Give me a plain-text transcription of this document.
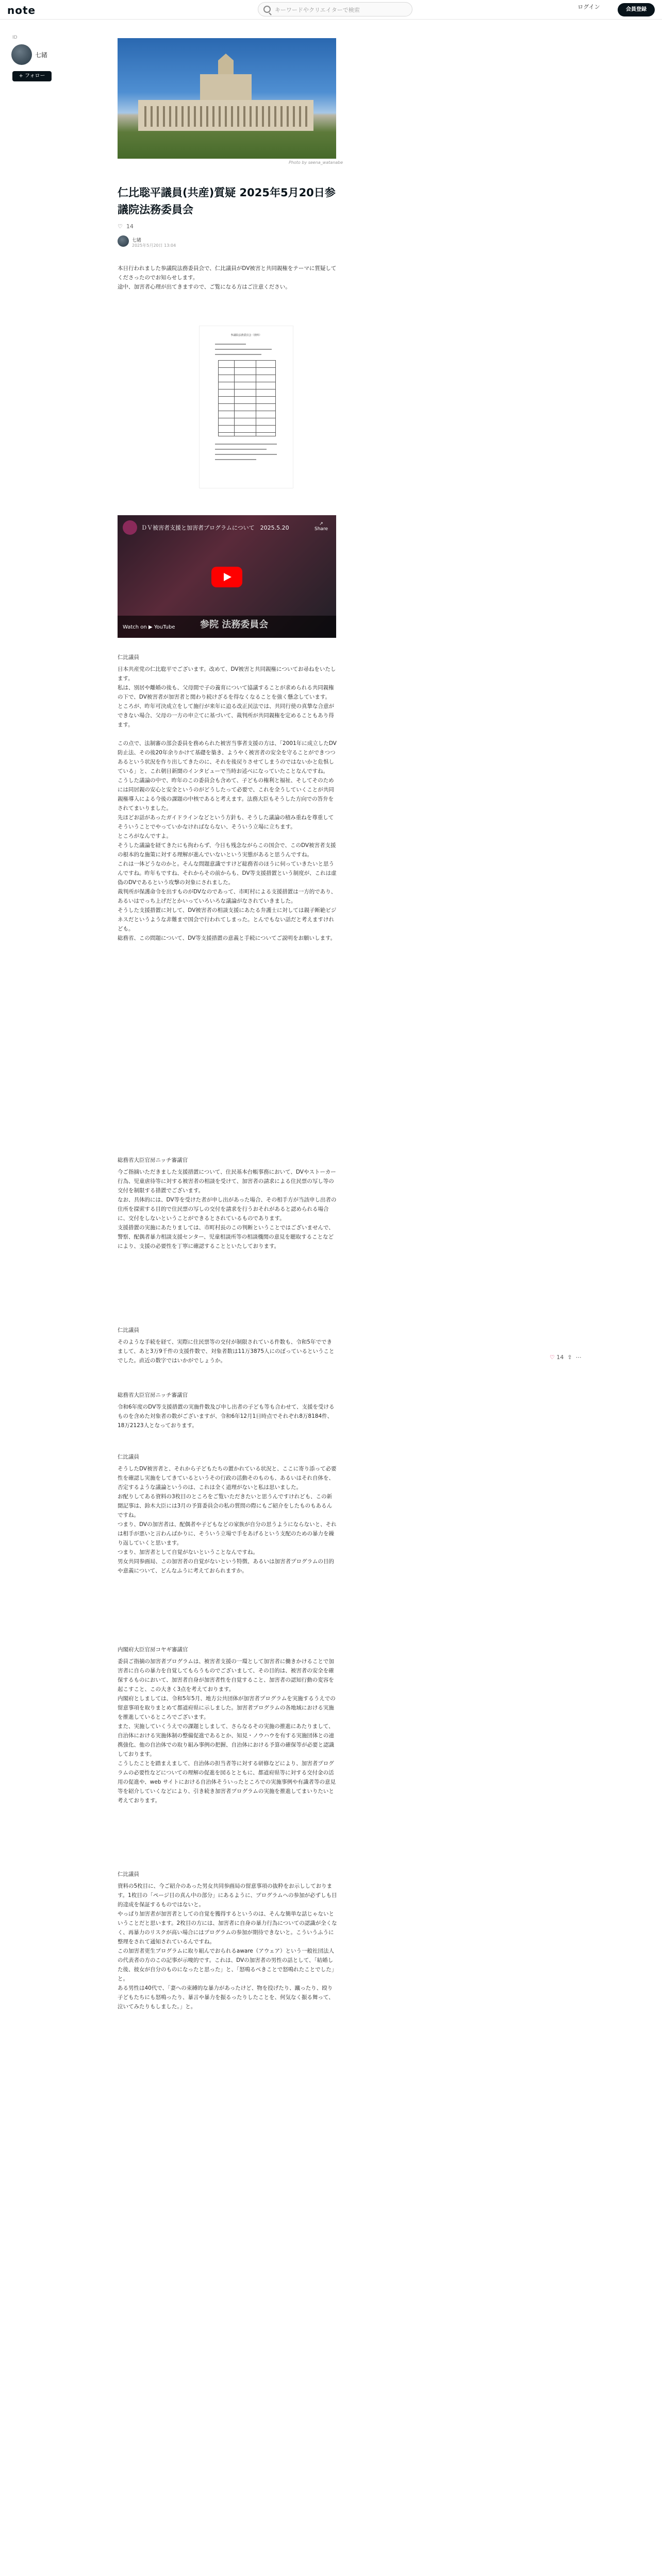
note	キーワードやクリエイターで検索	ログイン	会員登録
ID
七緒
+ フォロー
Photo by seena_watanabe
仁比聡平議員(共産)質疑 2025年5月20日参議院法務委員会
♡ 14
七緒
2025年5月20日 13:04
本日行われました参議院法務委員会で、仁比議員がDV被害と共同親権をテーマに質疑してくださったのでお知らせします。
途中、加害者心理が出てきますので、ご覧になる方はご注意ください。
参議院法務委員会（資料）
ＤＶ被害者支援と加害者プログラムについて　2025.5.20
↗
Share
参院 法務委員会
Watch on ▶ YouTube
仁比議員
日本共産党の仁比聡平でございます。改めて、DV被害と共同親権についてお尋ねをいたします。
私は、別居や離婚の後も、父母間で子の養育について協議することが求められる共同親権の下で、DV被害者が加害者と関わり続けざるを得なくなることを強く懸念しています。
ところが、昨年可決成立をして施行が来年に迫る改正民法では、共同行使の真摯な合意ができない場合、父母の一方の申立てに基づいて、裁判所が共同親権を定めることもあり得ます。

この点で、法制審の部会委員を務められた被害当事者支援の方は、「2001年に成立したDV防止法、その後20年余りかけて基礎を築き、ようやく被害者の安全を守ることができつつあるという状況を作り出してきたのに、それを後戻りさせてしまうのではないかと危惧している」と、これ朝日新聞のインタビューで当時お述べになっていたことなんですね。
こうした議論の中で、昨年のこの委員会も含めて、子どもの権利と福祉、そしてそのためには同居親の安心と安全というのがどうしたって必要で、これを全うしていくことが共同親権導入による今後の課題の中核であると考えます。法務大臣もそうした方向での答弁をされてまいりました。
先ほどお話があったガイドラインなどという方針も、そうした議論の積み重ねを尊重してそういうことでやっていかなければならない、そういう立場に立ちます。
ところがなんですよ。
そうした議論を経てきたにも拘わらず、今日も残念ながらこの国会で、このDV被害者支援の根本的な施策に対する理解が進んでいないという実態があると思うんですね。
これは一体どうなのかと。そんな問題意識ですけど総務省のほうに伺っていきたいと思うんですね。昨年もですね、それからその前からも、DV等支援措置という制度が、これは虚偽のDVであるという攻撃の対象にされました。
裁判所が保護命令を出すものがDVなのであって、市町村による支援措置は一方的であり、あるいはでっち上げだとかいっていろいろな議論がなされていきました。
そうした支援措置に対して、DV被害者の相談支援にあたる弁護士に対しては親子断絶ビジネスだというような非難まで国会で行われてしまった。とんでもない話だと考えますけれども。
総務省、この問題について、DV等支援措置の意義と手続についてご説明をお願いします。
総務省大臣官房ニッチ審議官
今ご指摘いただきました支援措置について、住民基本台帳事務において、DVやストーカー行為、児童虐待等に対する被害者の相談を受けて、加害者の請求による住民票の写し等の交付を制限する措置でございます。
なお、具体的には、DV等を受けた者が申し出があった場合、その相手方が当該申し出者の住所を探索する目的で住民票の写しの交付を請求を行うおそれがあると認められる場合に、交付をしないということができるとされているものであります。
支援措置の実施にあたりましては、市町村長のこの判断ということではございませんで、警察、配偶者暴力相談支援センター、児童相談所等の相談機関の意見を聴取することなどにより、支援の必要性を丁寧に確認することといたしております。
仁比議員
そのような手続を経て、実際に住民票等の交付が制限されている件数も、令和5年でできまして、あと3万9千件の支援件数で、対象者数は11万3875人にのぼっているということでした。直近の数字ではいかがでしょうか。
総務省大臣官房ニッチ審議官
令和6年度のDV等支援措置の実施件数及び申し出者の子ども等も合わせて、支援を受けるものを含めた対象者の数がございますが、令和6年12月1日時点でそれぞれ8万8184件、18万2123人となっております。
仁比議員
そうしたDV被害者と、それから子どもたちの置かれている状況と、ここに寄り添って必要性を確認し実施をしてきているというその行政の活動そのものも、あるいはそれ自体を、否定するような議論というのは、これは全く道理がないと私は思いました。
お配りしてある資料の3枚目のところをご覧いただきたいと思うんですけれども、この新聞記事は、鈴木大臣には3月の予算委員会の私の質問の際にもご紹介をしたものもあるんですね。
つまり、DVの加害者は、配偶者や子どもなどの家族が自分の思うようにならないと、それは相手が悪いと言わんばかりに、そういう立場で手をあげるという支配のための暴力を繰り返していくと思います。
つまり、加害者として自覚がないということなんですね。
男女共同参画局、この加害者の自覚がないという特徴、あるいは加害者プログラムの目的や意義について、どんなふうに考えておられますか。
内閣府大臣官房コヤギ審議官
委員ご指摘の加害者プログラムは、被害者支援の一環として加害者に働きかけることで加害者に自らの暴力を自覚してもらうものでございまして、その目的は、被害者の安全を確保するものにおいて、加害者自身が加害者性を自覚すること、加害者の認知行動の変容を起こすこと、この大きく3点を考えております。
内閣府としましては、令和5年5月、地方公共団体が加害者プログラムを実施するうえでの留意事項を取りまとめて都道府県に示しました。加害者プログラムの各地域における実施を推進しているところでございます。
また、実施していくうえでの課題としまして、さらなるその実施の推進にあたりまして、自治体における実施体制の整備促進であるとか、知見・ノウハウを有する実施団体との連携強化、他の自治体での取り組み事例の把握、自治体における予算の確保等が必要と認識しております。
こうしたことを踏まえまして、自治体の担当者等に対する研修などにより、加害者プログラムの必要性などについての理解の促進を図るとともに、都道府県等に対する交付金の活用の促進や、web サイトにおける自治体そういったところでの実施事例や有識者等の意見等を紹介していくなどにより、引き続き加害者プログラムの実施を推進してまいりたいと考えております。
仁比議員
資料の5枚目に、今ご紹介のあった男女共同参画局の留意事項の抜粋をお示ししております。1枚目の「ページ目の真ん中の部分」にあるように、プログラムへの参加が必ずしも目的達成を保証するものではないと。
やっぱり加害者が加害者としての自覚を獲得するというのは、そんな簡単な話じゃないということだと思います。2枚目の方には、加害者に自身の暴力行為についての認識が全くなく、再暴力のリスクが高い場合にはプログラムの参加が期待できないと。こういうふうに整理をされて通知されているんですね。
この加害者更生プログラムに取り組んでおられるaware（アウェア）という一般社団法人の代表者の方のこの記事が示唆的です。これは、DVの加害者の男性の話として、「結婚した後、彼女が自分のものになったと思った」と、「怒鳴るべきことで怒鳴れたことでした」と。
ある男性は40代で、「妻への束縛的な暴力があったけど、物を投げたり、蹴ったり、殴り子どもたちにも怒鳴ったり、暴言や暴力を振るったりしたことを、何気なく振る舞って、泣いてみたりもしました。」と。
♡ 14 ⇪ ⋯
